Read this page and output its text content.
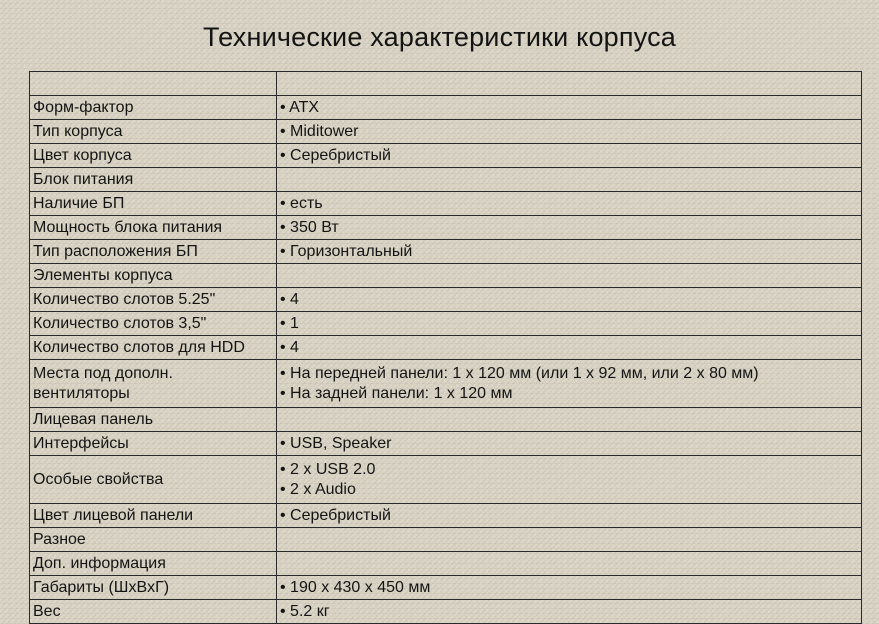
Технические характеристики корпуса

Форм-фактор	• ATX
Тип корпуса	• Miditower
Цвет корпуса	• Серебристый
Блок питания	
Наличие БП	• есть
Мощность блока питания	• 350 Вт
Тип расположения БП	• Горизонтальный
Элементы корпуса	
Количество слотов 5.25"	• 4
Количество слотов 3,5"	• 1
Количество слотов для HDD	• 4

Места под дополн.
вентиляторы	• На передней панели: 1 x 120 мм (или 1 x 92 мм, или 2 x 80 мм)
• На задней панели: 1 x 120 мм

Лицевая панель	
Интерфейсы	• USB, Speaker
Особые свойства	• 2 x USB 2.0
• 2 x Audio

Цвет лицевой панели	• Серебристый
Разное	
Доп. информация	
Габариты (ШxВxГ)	• 190 x 430 x 450 мм
Вес	• 5.2 кг
